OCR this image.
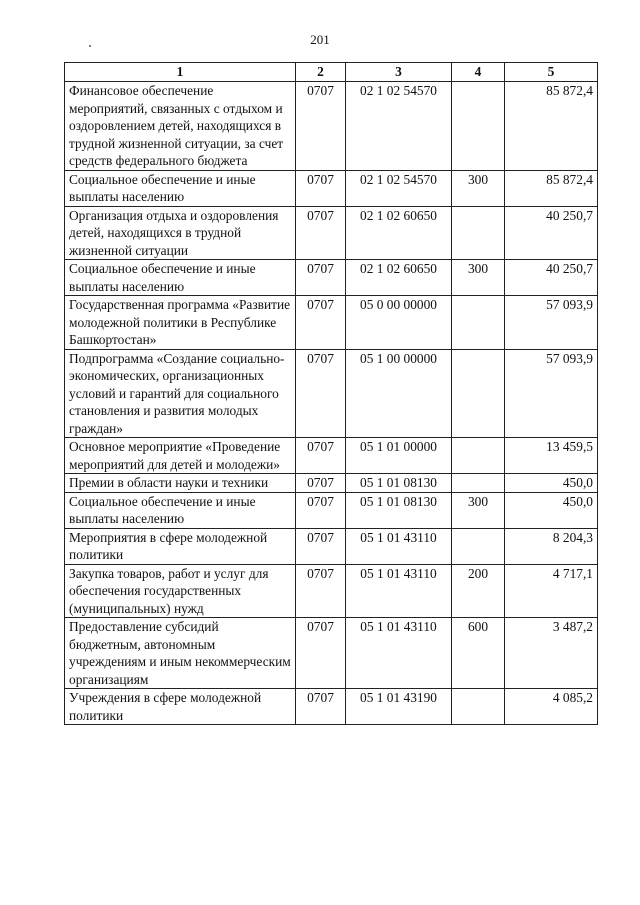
201
1	2	3	4	5
Финансовое обеспечение мероприятий, связанных с отдыхом и оздоровлением детей, находящихся в трудной жизненной ситуации, за счет средств федерального бюджета	0707	02 1 02 54570		85 872,4
Социальное обеспечение и иные выплаты населению	0707	02 1 02 54570	300	85 872,4
Организация отдыха и оздоровления детей, находящихся в трудной жизненной ситуации	0707	02 1 02 60650		40 250,7
Социальное обеспечение и иные выплаты населению	0707	02 1 02 60650	300	40 250,7
Государственная программа «Развитие молодежной политики в Республике Башкортостан»	0707	05 0 00 00000		57 093,9
Подпрограмма «Создание социально-экономических, организационных условий и гарантий для социального становления и развития молодых граждан»	0707	05 1 00 00000		57 093,9
Основное мероприятие «Проведение мероприятий для детей и молодежи»	0707	05 1 01 00000		13 459,5
Премии в области науки и техники	0707	05 1 01 08130		450,0
Социальное обеспечение и иные выплаты населению	0707	05 1 01 08130	300	450,0
Мероприятия в сфере молодежной политики	0707	05 1 01 43110		8 204,3
Закупка товаров, работ и услуг для обеспечения государственных (муниципальных) нужд	0707	05 1 01 43110	200	4 717,1
Предоставление субсидий бюджетным, автономным учреждениям и иным некоммерческим организациям	0707	05 1 01 43110	600	3 487,2
Учреждения в сфере молодежной политики	0707	05 1 01 43190		4 085,2
